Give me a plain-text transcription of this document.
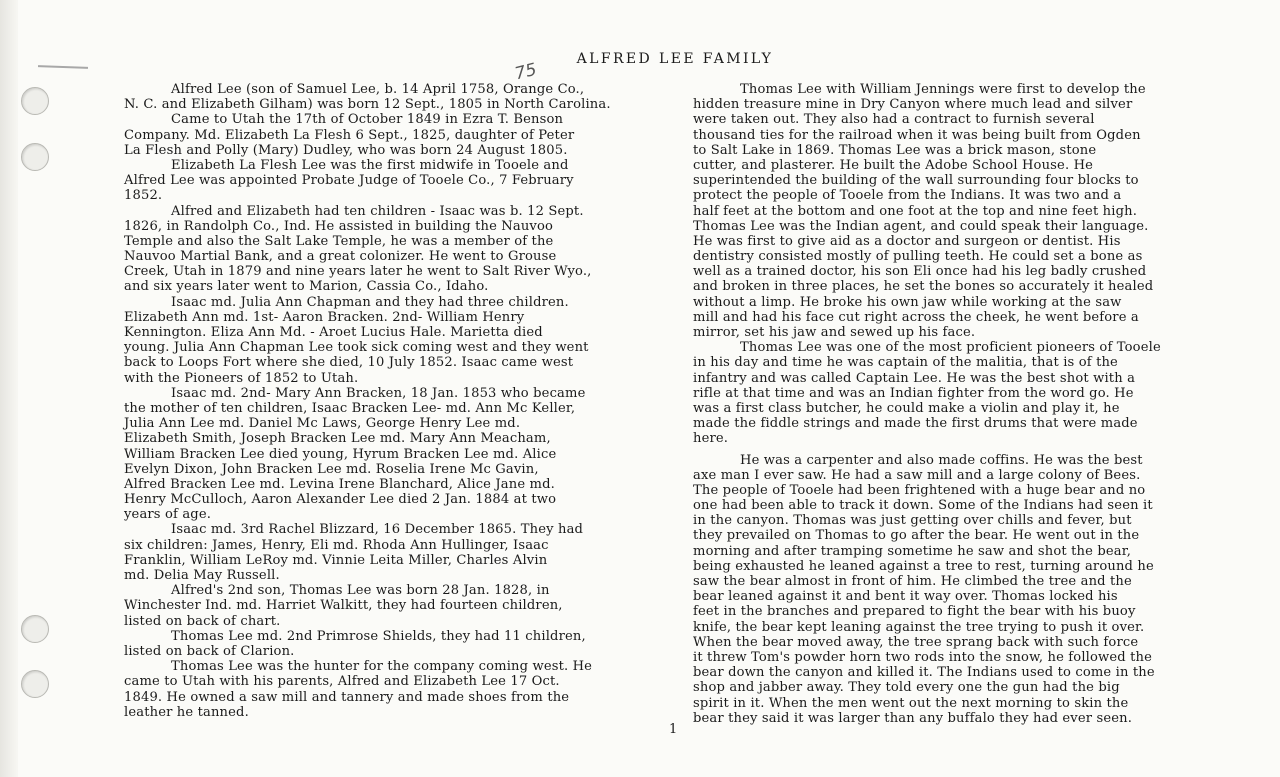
ALFRED LEE FAMILY
75
Alfred Lee (son of Samuel Lee, b. 14 April 1758, Orange Co.,
N. C. and Elizabeth Gilham) was born 12 Sept., 1805 in North Carolina.
Came to Utah the 17th of October 1849 in Ezra T. Benson
Company. Md. Elizabeth La Flesh 6 Sept., 1825, daughter of Peter
La Flesh and Polly (Mary) Dudley, who was born 24 August 1805.
Elizabeth La Flesh Lee was the first midwife in Tooele and
Alfred Lee was appointed Probate Judge of Tooele Co., 7 February
1852.
Alfred and Elizabeth had ten children - Isaac was b. 12 Sept.
1826, in Randolph Co., Ind. He assisted in building the Nauvoo
Temple and also the Salt Lake Temple, he was a member of the
Nauvoo Martial Bank, and a great colonizer. He went to Grouse
Creek, Utah in 1879 and nine years later he went to Salt River Wyo.,
and six years later went to Marion, Cassia Co., Idaho.
Isaac md. Julia Ann Chapman and they had three children.
Elizabeth Ann md. 1st- Aaron Bracken. 2nd- William Henry
Kennington. Eliza Ann Md. - Aroet Lucius Hale. Marietta died
young. Julia Ann Chapman Lee took sick coming west and they went
back to Loops Fort where she died, 10 July 1852. Isaac came west
with the Pioneers of 1852 to Utah.
Isaac md. 2nd- Mary Ann Bracken, 18 Jan. 1853 who became
the mother of ten children, Isaac Bracken Lee- md. Ann Mc Keller,
Julia Ann Lee md. Daniel Mc Laws, George Henry Lee md.
Elizabeth Smith, Joseph Bracken Lee md. Mary Ann Meacham,
William Bracken Lee died young, Hyrum Bracken Lee md. Alice
Evelyn Dixon, John Bracken Lee md. Roselia Irene Mc Gavin,
Alfred Bracken Lee md. Levina Irene Blanchard, Alice Jane md.
Henry McCulloch, Aaron Alexander Lee died 2 Jan. 1884 at two
years of age.
Isaac md. 3rd Rachel Blizzard, 16 December 1865. They had
six children: James, Henry, Eli md. Rhoda Ann Hullinger, Isaac
Franklin, William LeRoy md. Vinnie Leita Miller, Charles Alvin
md. Delia May Russell.
Alfred's 2nd son, Thomas Lee was born 28 Jan. 1828, in
Winchester Ind. md. Harriet Walkitt, they had fourteen children,
listed on back of chart.
Thomas Lee md. 2nd Primrose Shields, they had 11 children,
listed on back of Clarion.
Thomas Lee was the hunter for the company coming west. He
came to Utah with his parents, Alfred and Elizabeth Lee 17 Oct.
1849. He owned a saw mill and tannery and made shoes from the
leather he tanned.
Thomas Lee with William Jennings were first to develop the
hidden treasure mine in Dry Canyon where much lead and silver
were taken out. They also had a contract to furnish several
thousand ties for the railroad when it was being built from Ogden
to Salt Lake in 1869. Thomas Lee was a brick mason, stone
cutter, and plasterer. He built the Adobe School House. He
superintended the building of the wall surrounding four blocks to
protect the people of Tooele from the Indians. It was two and a
half feet at the bottom and one foot at the top and nine feet high.
Thomas Lee was the Indian agent, and could speak their language.
He was first to give aid as a doctor and surgeon or dentist. His
dentistry consisted mostly of pulling teeth. He could set a bone as
well as a trained doctor, his son Eli once had his leg badly crushed
and broken in three places, he set the bones so accurately it healed
without a limp. He broke his own jaw while working at the saw
mill and had his face cut right across the cheek, he went before a
mirror, set his jaw and sewed up his face.
Thomas Lee was one of the most proficient pioneers of Tooele
in his day and time he was captain of the malitia, that is of the
infantry and was called Captain Lee. He was the best shot with a
rifle at that time and was an Indian fighter from the word go. He
was a first class butcher, he could make a violin and play it, he
made the fiddle strings and made the first drums that were made
here.
He was a carpenter and also made coffins. He was the best
axe man I ever saw. He had a saw mill and a large colony of Bees.
The people of Tooele had been frightened with a huge bear and no
one had been able to track it down. Some of the Indians had seen it
in the canyon. Thomas was just getting over chills and fever, but
they prevailed on Thomas to go after the bear. He went out in the
morning and after tramping sometime he saw and shot the bear,
being exhausted he leaned against a tree to rest, turning around he
saw the bear almost in front of him. He climbed the tree and the
bear leaned against it and bent it way over. Thomas locked his
feet in the branches and prepared to fight the bear with his buoy
knife, the bear kept leaning against the tree trying to push it over.
When the bear moved away, the tree sprang back with such force
it threw Tom's powder horn two rods into the snow, he followed the
bear down the canyon and killed it. The Indians used to come in the
shop and jabber away. They told every one the gun had the big
spirit in it. When the men went out the next morning to skin the
bear they said it was larger than any buffalo they had ever seen.
1
